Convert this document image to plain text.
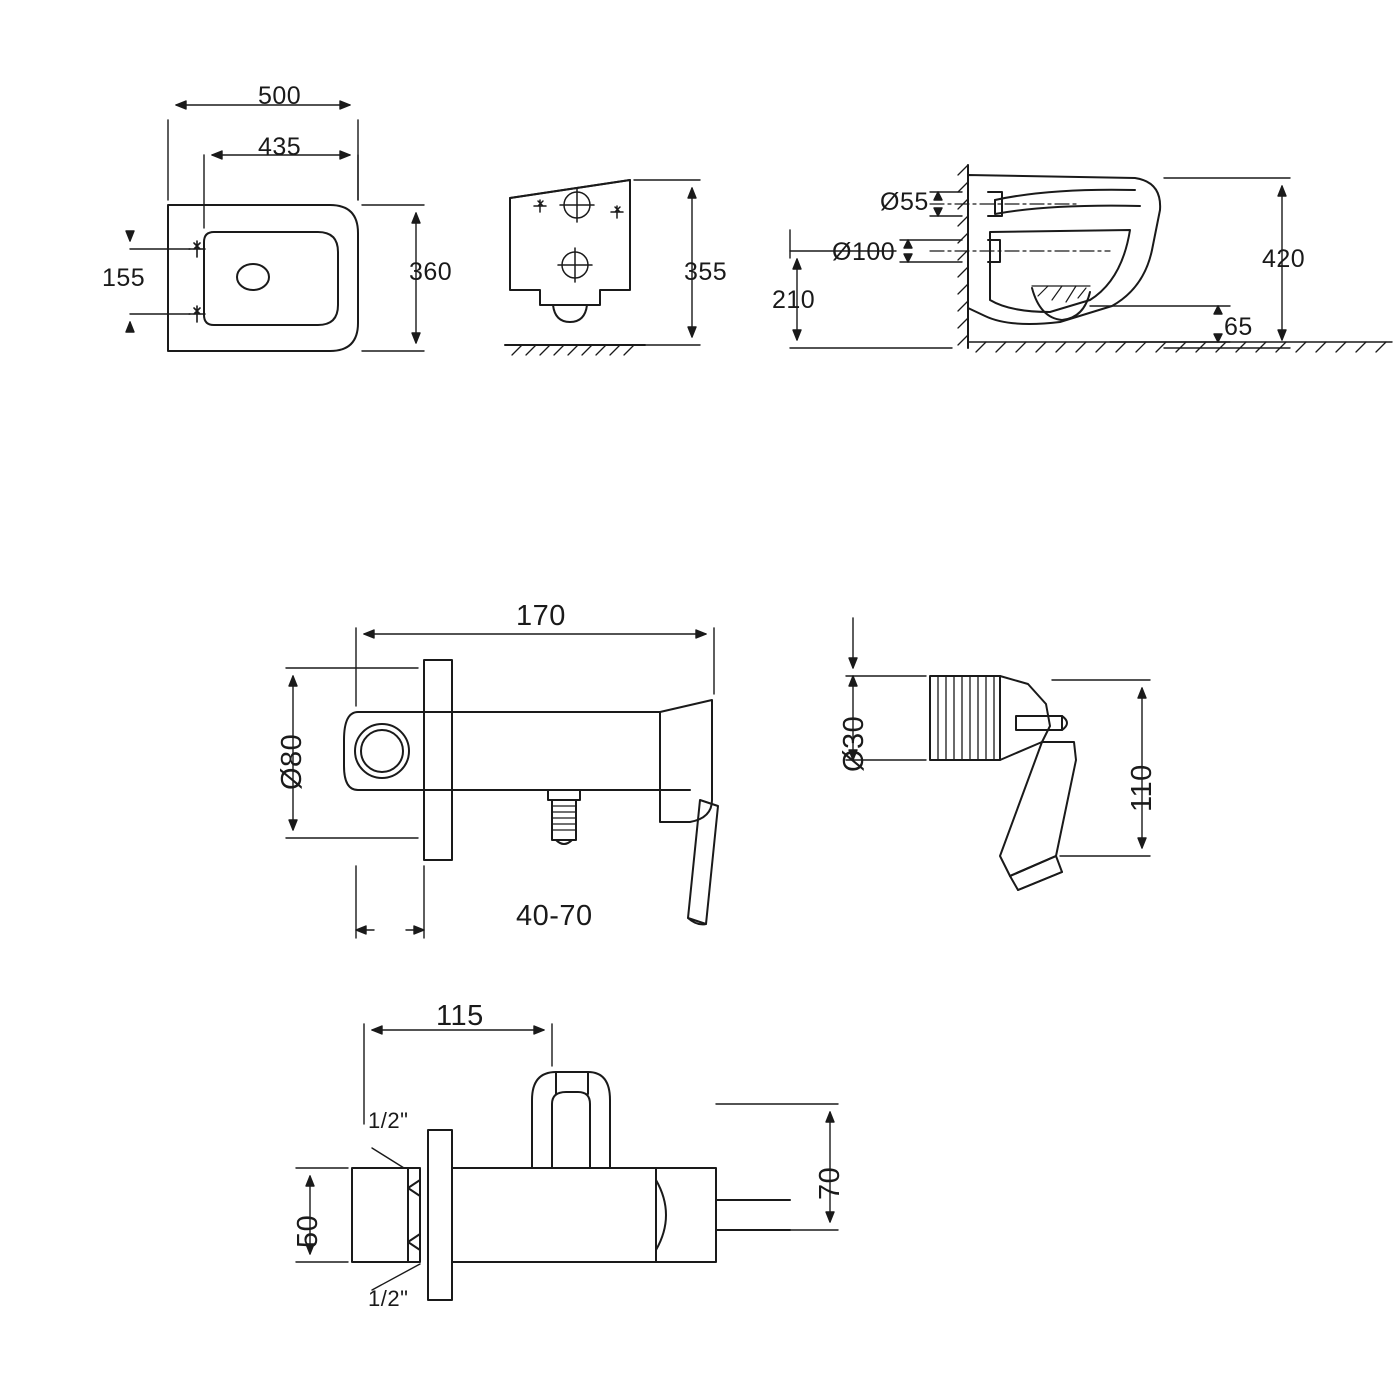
500
435
360
155	355
Ø55
Ø100
210
420
65
170
Ø80
40-70
Ø30
110
115
70
50
1/2"
1/2"
